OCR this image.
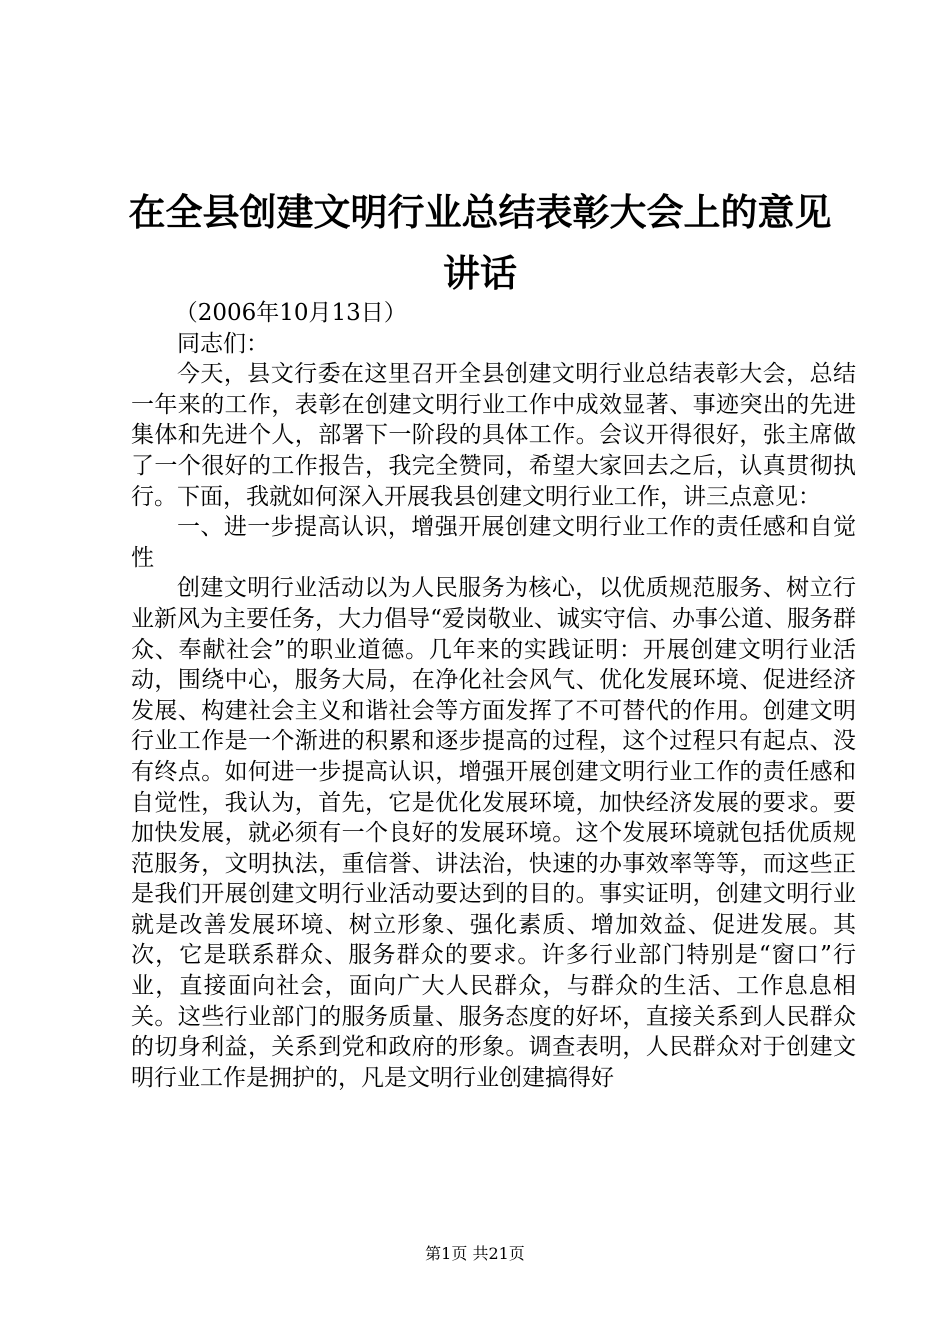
在全县创建文明行业总结表彰大会上的意见讲话

（2006年10月13日）

同志们：

今天，县文行委在这里召开全县创建文明行业总结表彰大会，总结一年来的工作，表彰在创建文明行业工作中成效显著、事迹突出的先进集体和先进个人，部署下一阶段的具体工作。会议开得很好，张主席做了一个很好的工作报告，我完全赞同，希望大家回去之后，认真贯彻执行。下面，我就如何深入开展我县创建文明行业工作，讲三点意见：

一、进一步提高认识，增强开展创建文明行业工作的责任感和自觉性

创建文明行业活动以为人民服务为核心，以优质规范服务、树立行业新风为主要任务，大力倡导“爱岗敬业、诚实守信、办事公道、服务群众、奉献社会”的职业道德。几年来的实践证明：开展创建文明行业活动，围绕中心，服务大局，在净化社会风气、优化发展环境、促进经济发展、构建社会主义和谐社会等方面发挥了不可替代的作用。创建文明行业工作是一个渐进的积累和逐步提高的过程，这个过程只有起点、没有终点。如何进一步提高认识，增强开展创建文明行业工作的责任感和自觉性，我认为，首先，它是优化发展环境，加快经济发展的要求。要加快发展，就必须有一个良好的发展环境。这个发展环境就包括优质规范服务，文明执法，重信誉、讲法治，快速的办事效率等等，而这些正是我们开展创建文明行业活动要达到的目的。事实证明，创建文明行业就是改善发展环境、树立形象、强化素质、增加效益、促进发展。其次，它是联系群众、服务群众的要求。许多行业部门特别是“窗口”行业，直接面向社会，面向广大人民群众，与群众的生活、工作息息相关。这些行业部门的服务质量、服务态度的好坏，直接关系到人民群众的切身利益，关系到党和政府的形象。调查表明，人民群众对于创建文明行业工作是拥护的，凡是文明行业创建搞得好

第1页 共21页
